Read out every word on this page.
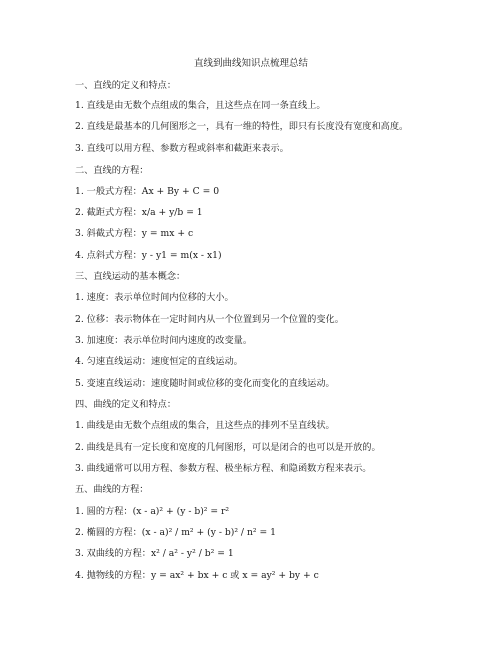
直线到曲线知识点梳理总结
一、直线的定义和特点：
1. 直线是由无数个点组成的集合，且这些点在同一条直线上。
2. 直线是最基本的几何图形之一，具有一维的特性，即只有长度没有宽度和高度。
3. 直线可以用方程、参数方程或斜率和截距来表示。
二、直线的方程：
1. 一般式方程：Ax + By + C = 0
2. 截距式方程：x/a + y/b = 1
3. 斜截式方程：y = mx + c
4. 点斜式方程：y - y1 = m(x - x1)
三、直线运动的基本概念：
1. 速度：表示单位时间内位移的大小。
2. 位移：表示物体在一定时间内从一个位置到另一个位置的变化。
3. 加速度：表示单位时间内速度的改变量。
4. 匀速直线运动：速度恒定的直线运动。
5. 变速直线运动：速度随时间或位移的变化而变化的直线运动。
四、曲线的定义和特点：
1. 曲线是由无数个点组成的集合，且这些点的排列不呈直线状。
2. 曲线是具有一定长度和宽度的几何图形，可以是闭合的也可以是开放的。
3. 曲线通常可以用方程、参数方程、极坐标方程、和隐函数方程来表示。
五、曲线的方程：
1. 圆的方程：(x - a)² + (y - b)² = r²
2. 椭圆的方程：(x - a)² / m² + (y - b)² / n² = 1
3. 双曲线的方程：x² / a² - y² / b² = 1
4. 抛物线的方程：y = ax² + bx + c 或 x = ay² + by + c
